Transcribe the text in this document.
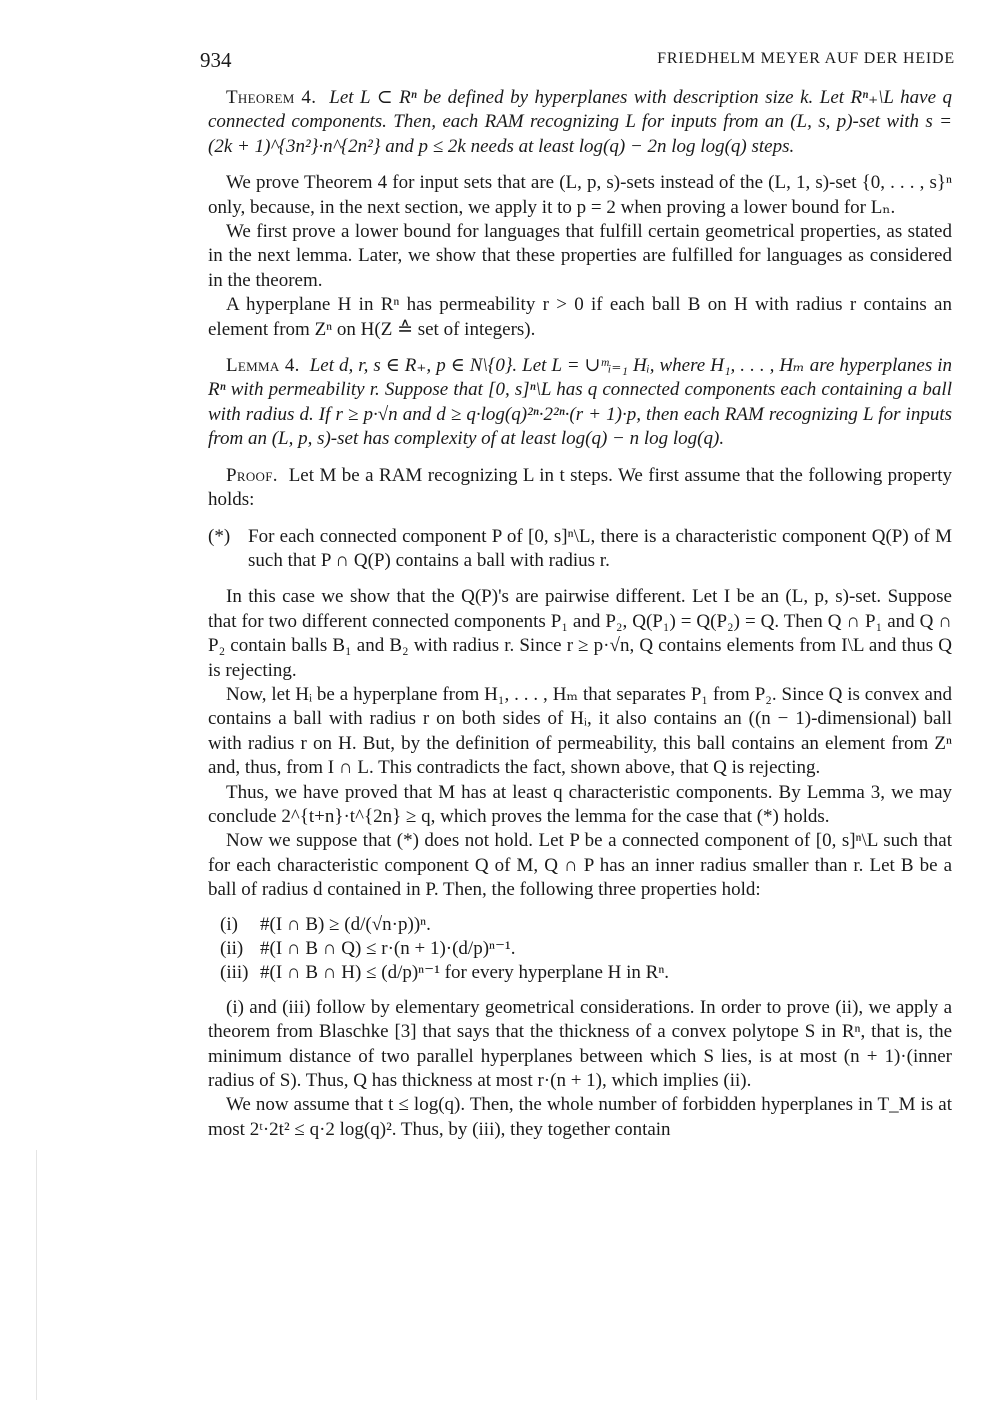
934	FRIEDHELM MEYER AUF DER HEIDE

Theorem 4. Let L ⊂ Rⁿ be defined by hyperplanes with description size k. Let Rⁿ₊\L have q connected components. Then, each RAM recognizing L for inputs from an (L, s, p)-set with s = (2k + 1)^{3n²}·n^{2n²} and p ≤ 2k needs at least log(q) − 2n log log(q) steps.

We prove Theorem 4 for input sets that are (L, p, s)-sets instead of the (L, 1, s)-set {0, . . . , s}ⁿ only, because, in the next section, we apply it to p = 2 when proving a lower bound for Lₙ.

We first prove a lower bound for languages that fulfill certain geometrical properties, as stated in the next lemma. Later, we show that these properties are fulfilled for languages as considered in the theorem.

A hyperplane H in Rⁿ has permeability r > 0 if each ball B on H with radius r contains an element from Zⁿ on H(Z ≙ set of integers).

Lemma 4. Let d, r, s ∈ R₊, p ∈ N\{0}. Let L = ∪ᵐᵢ₌₁ Hᵢ, where H₁, . . . , Hₘ are hyperplanes in Rⁿ with permeability r. Suppose that [0, s]ⁿ\L has q connected components each containing a ball with radius d. If r ≥ p·√n and d ≥ q·log(q)²ⁿ·2²ⁿ·(r + 1)·p, then each RAM recognizing L for inputs from an (L, p, s)-set has complexity of at least log(q) − n log log(q).

Proof. Let M be a RAM recognizing L in t steps. We first assume that the following property holds:

(*) For each connected component P of [0, s]ⁿ\L, there is a characteristic component Q(P) of M such that P ∩ Q(P) contains a ball with radius r.

In this case we show that the Q(P)'s are pairwise different. Let I be an (L, p, s)-set. Suppose that for two different connected components P₁ and P₂, Q(P₁) = Q(P₂) = Q. Then Q ∩ P₁ and Q ∩ P₂ contain balls B₁ and B₂ with radius r. Since r ≥ p·√n, Q contains elements from I\L and thus Q is rejecting.

Now, let Hᵢ be a hyperplane from H₁, . . . , Hₘ that separates P₁ from P₂. Since Q is convex and contains a ball with radius r on both sides of Hᵢ, it also contains an ((n − 1)-dimensional) ball with radius r on H. But, by the definition of permeability, this ball contains an element from Zⁿ and, thus, from I ∩ L. This contradicts the fact, shown above, that Q is rejecting.

Thus, we have proved that M has at least q characteristic components. By Lemma 3, we may conclude 2^{t+n}·t^{2n} ≥ q, which proves the lemma for the case that (*) holds.

Now we suppose that (*) does not hold. Let P be a connected component of [0, s]ⁿ\L such that for each characteristic component Q of M, Q ∩ P has an inner radius smaller than r. Let B be a ball of radius d contained in P. Then, the following three properties hold:

(i)	#(I ∩ B) ≥ (d/(√n·p))ⁿ.
(ii) #(I ∩ B ∩ Q) ≤ r·(n + 1)·(d/p)ⁿ⁻¹.
(iii) #(I ∩ B ∩ H) ≤ (d/p)ⁿ⁻¹ for every hyperplane H in Rⁿ.

(i) and (iii) follow by elementary geometrical considerations. In order to prove (ii), we apply a theorem from Blaschke [3] that says that the thickness of a convex polytope S in Rⁿ, that is, the minimum distance of two parallel hyperplanes between which S lies, is at most (n + 1)·(inner radius of S). Thus, Q has thickness at most r·(n + 1), which implies (ii).

We now assume that t ≤ log(q). Then, the whole number of forbidden hyperplanes in T_M is at most 2ᵗ·2t² ≤ q·2 log(q)². Thus, by (iii), they together contain
